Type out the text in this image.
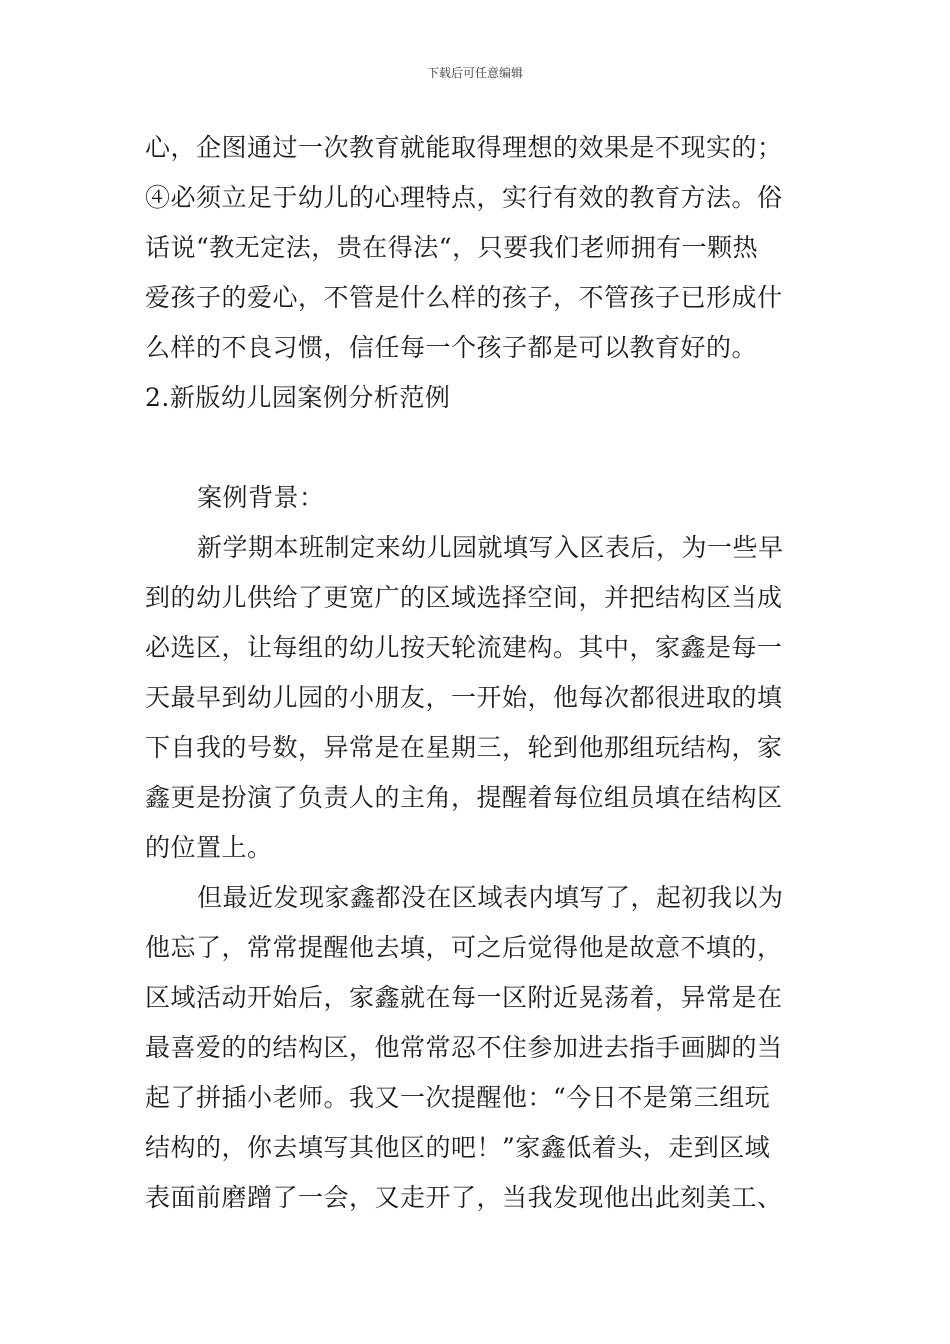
下载后可任意编辑
心，企图通过一次教育就能取得理想的效果是不现实的；
④必须立足于幼儿的心理特点，实行有效的教育方法。俗
话说“教无定法，贵在得法“，只要我们老师拥有一颗热
爱孩子的爱心，不管是什么样的孩子，不管孩子已形成什
么样的不良习惯，信任每一个孩子都是可以教育好的。
2.新版幼儿园案例分析范例
案例背景：
新学期本班制定来幼儿园就填写入区表后，为一些早
到的幼儿供给了更宽广的区域选择空间，并把结构区当成
必选区，让每组的幼儿按天轮流建构。其中，家鑫是每一
天最早到幼儿园的小朋友，一开始，他每次都很进取的填
下自我的号数，异常是在星期三，轮到他那组玩结构，家
鑫更是扮演了负责人的主角，提醒着每位组员填在结构区
的位置上。
但最近发现家鑫都没在区域表内填写了，起初我以为
他忘了，常常提醒他去填，可之后觉得他是故意不填的，
区域活动开始后，家鑫就在每一区附近晃荡着，异常是在
最喜爱的的结构区，他常常忍不住参加进去指手画脚的当
起了拼插小老师。我又一次提醒他：“今日不是第三组玩
结构的，你去填写其他区的吧！”家鑫低着头，走到区域
表面前磨蹭了一会，又走开了，当我发现他出此刻美工、
